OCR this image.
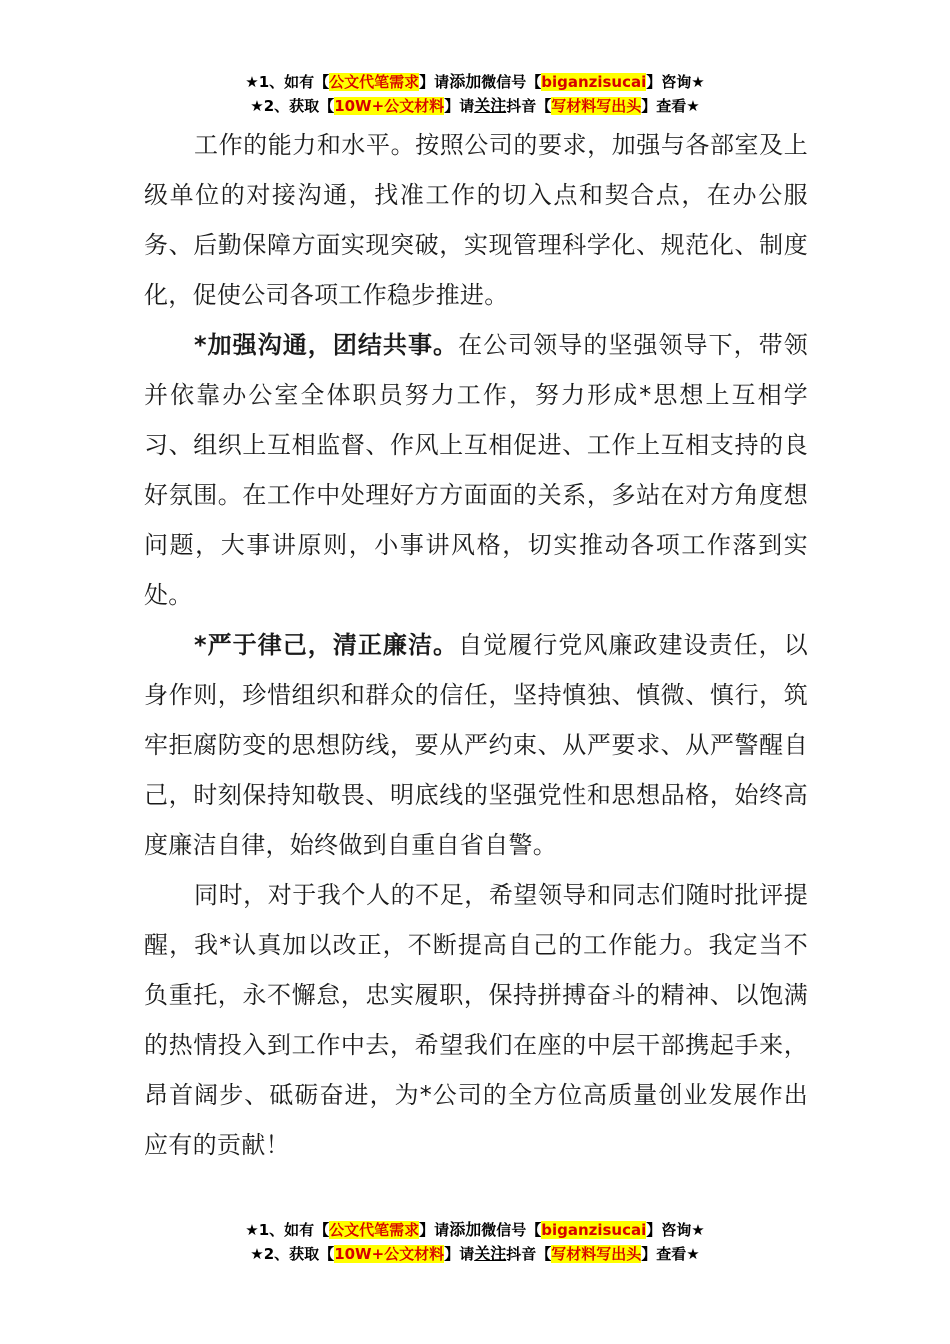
★1、如有【公文代笔需求】请添加微信号【biganzisucai】咨询★
★2、获取【10W+公文材料】请关注抖音【写材料写出头】查看★

工作的能力和水平。按照公司的要求，加强与各部室及上级单位的对接沟通，找准工作的切入点和契合点，在办公服务、后勤保障方面实现突破，实现管理科学化、规范化、制度化，促使公司各项工作稳步推进。

*加强沟通，团结共事。在公司领导的坚强领导下，带领并依靠办公室全体职员努力工作，努力形成*思想上互相学习、组织上互相监督、作风上互相促进、工作上互相支持的良好氛围。在工作中处理好方方面面的关系，多站在对方角度想问题，大事讲原则，小事讲风格，切实推动各项工作落到实处。

*严于律己，清正廉洁。自觉履行党风廉政建设责任，以身作则，珍惜组织和群众的信任，坚持慎独、慎微、慎行，筑牢拒腐防变的思想防线，要从严约束、从严要求、从严警醒自己，时刻保持知敬畏、明底线的坚强党性和思想品格，始终高度廉洁自律，始终做到自重自省自警。

同时，对于我个人的不足，希望领导和同志们随时批评提醒，我*认真加以改正，不断提高自己的工作能力。我定当不负重托，永不懈怠，忠实履职，保持拼搏奋斗的精神、以饱满的热情投入到工作中去，希望我们在座的中层干部携起手来，昂首阔步、砥砺奋进，为*公司的全方位高质量创业发展作出应有的贡献！

★1、如有【公文代笔需求】请添加微信号【biganzisucai】咨询★
★2、获取【10W+公文材料】请关注抖音【写材料写出头】查看★
